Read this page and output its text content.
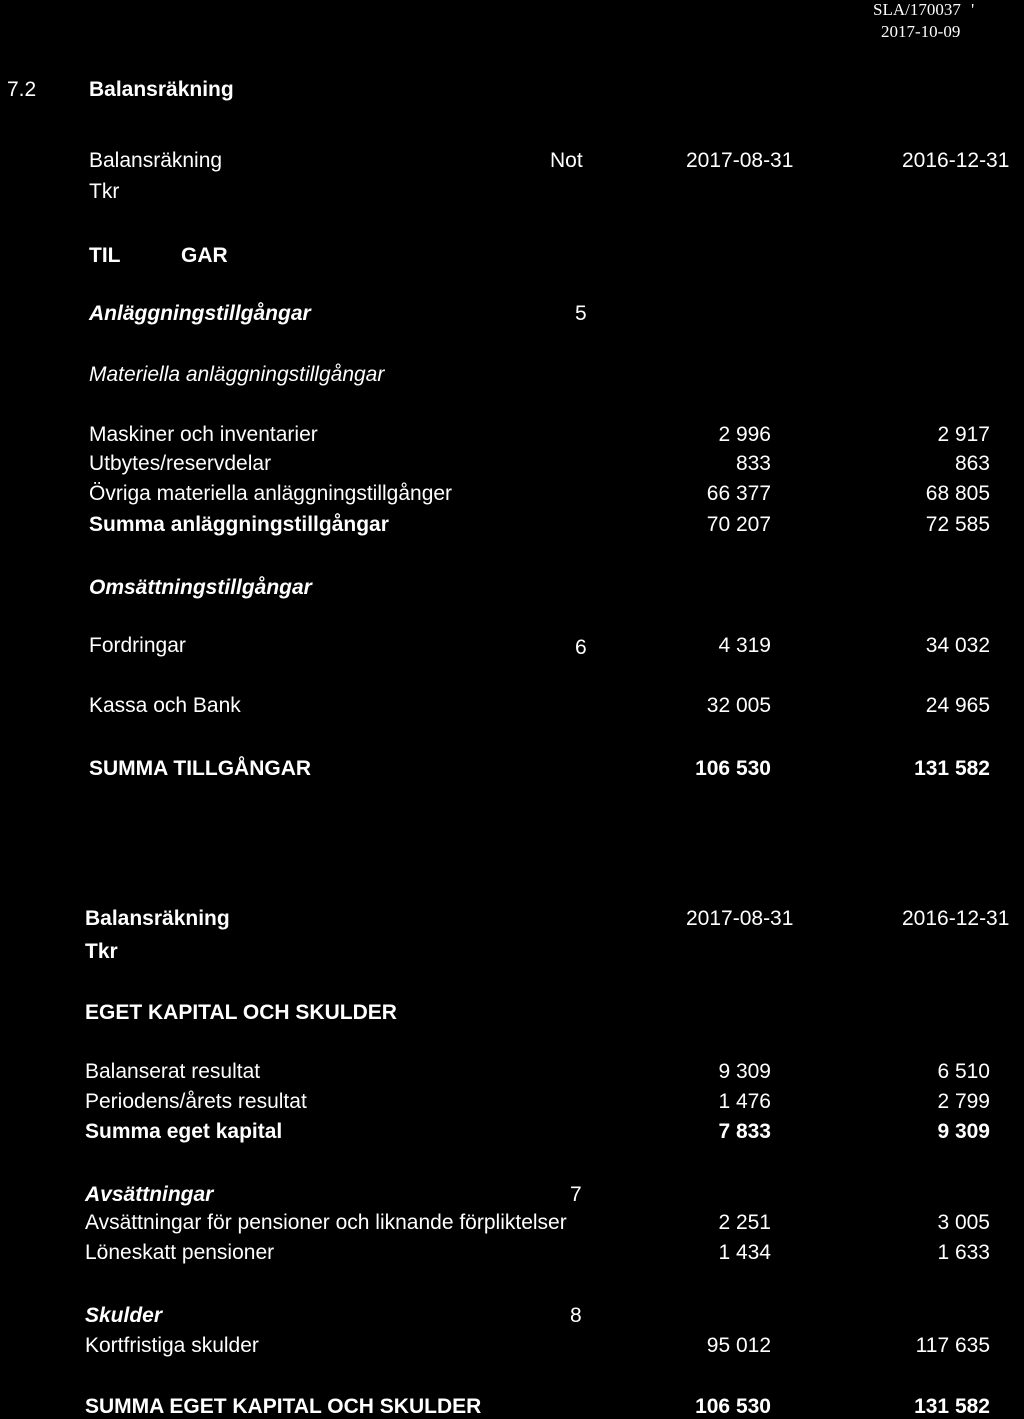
SLA/170037 '
2017-10-09
7.2	Balansräkning
Balansräkning
Tkr
Not	2017-08-31	2016-12-31
TIL	GAR
Anläggningstillgångar	5
Materiella anläggningstillgångar
Maskiner och inventarier	2 996	2 917
Utbytes/reservdelar	833	863
Övriga materiella anläggningstillgånger	66 377	68 805
Summa anläggningstillgångar	70 207	72 585
Omsättningstillgångar
Fordringar	6	4 319	34 032
Kassa och Bank	32 005	24 965
SUMMA TILLGÅNGAR	106 530	131 582
Balansräkning
Tkr
2017-08-31	2016-12-31
EGET KAPITAL OCH SKULDER
Balanserat resultat	9 309	6 510
Periodens/årets resultat	1 476	2 799
Summa eget kapital	7 833	9 309
Avsättningar	7
Avsättningar för pensioner och liknande förpliktelser	2 251	3 005
Löneskatt pensioner	1 434	1 633
Skulder	8
Kortfristiga skulder	95 012	117 635
SUMMA EGET KAPITAL OCH SKULDER	106 530	131 582
